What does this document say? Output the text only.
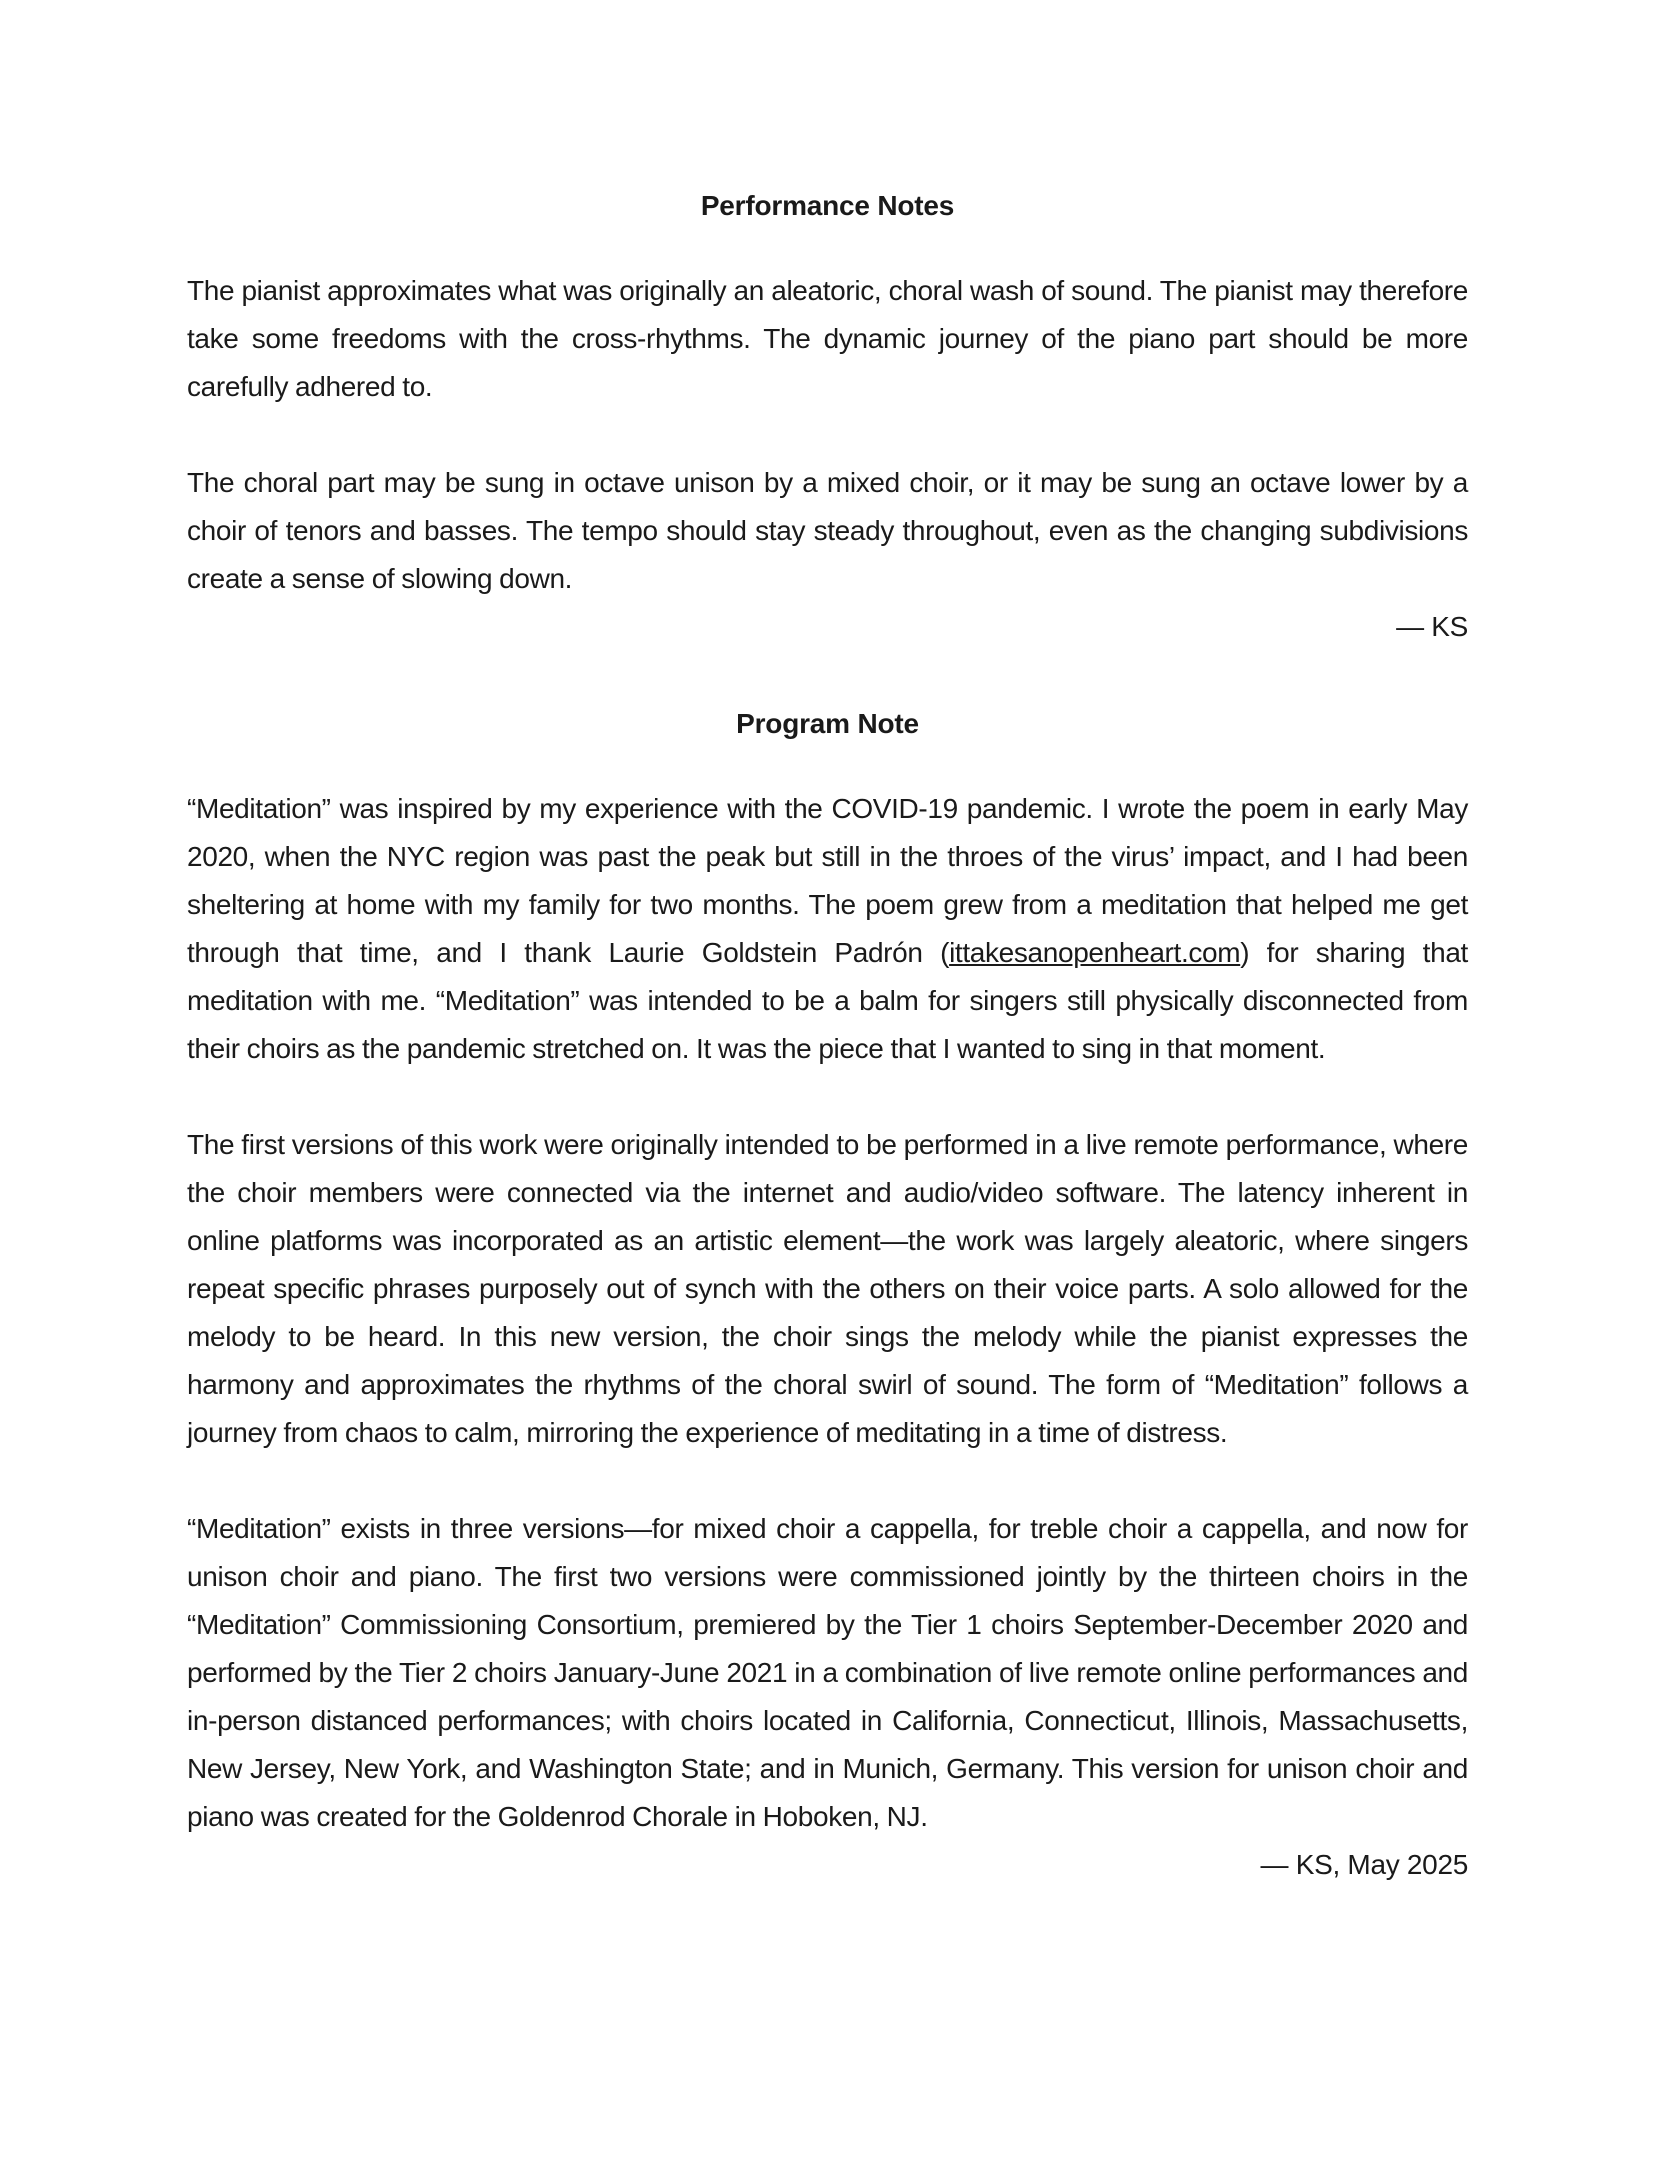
Performance Notes

The pianist approximates what was originally an aleatoric, choral wash of sound. The pianist may therefore take some freedoms with the cross-rhythms. The dynamic journey of the piano part should be more carefully adhered to.

The choral part may be sung in octave unison by a mixed choir, or it may be sung an octave lower by a choir of tenors and basses. The tempo should stay steady throughout, even as the changing subdivisions create a sense of slowing down.

— KS

Program Note

“Meditation” was inspired by my experience with the COVID-19 pandemic. I wrote the poem in early May 2020, when the NYC region was past the peak but still in the throes of the virus’ impact, and I had been sheltering at home with my family for two months. The poem grew from a meditation that helped me get through that time, and I thank Laurie Goldstein Padrón (ittakesanopenheart.com) for sharing that meditation with me. “Meditation” was intended to be a balm for singers still physically disconnected from their choirs as the pandemic stretched on. It was the piece that I wanted to sing in that moment.

The first versions of this work were originally intended to be performed in a live remote performance, where the choir members were connected via the internet and audio/video software. The latency inherent in online platforms was incorporated as an artistic element—the work was largely aleatoric, where singers repeat specific phrases purposely out of synch with the others on their voice parts. A solo allowed for the melody to be heard. In this new version, the choir sings the melody while the pianist expresses the harmony and approximates the rhythms of the choral swirl of sound. The form of “Meditation” follows a journey from chaos to calm, mirroring the experience of meditating in a time of distress.

“Meditation” exists in three versions—for mixed choir a cappella, for treble choir a cappella, and now for unison choir and piano. The first two versions were commissioned jointly by the thirteen choirs in the “Meditation” Commissioning Consortium, premiered by the Tier 1 choirs September-December 2020 and performed by the Tier 2 choirs January-June 2021 in a combination of live remote online performances and in-person distanced performances; with choirs located in California, Connecticut, Illinois, Massachusetts, New Jersey, New York, and Washington State; and in Munich, Germany. This version for unison choir and piano was created for the Goldenrod Chorale in Hoboken, NJ.

— KS, May 2025
